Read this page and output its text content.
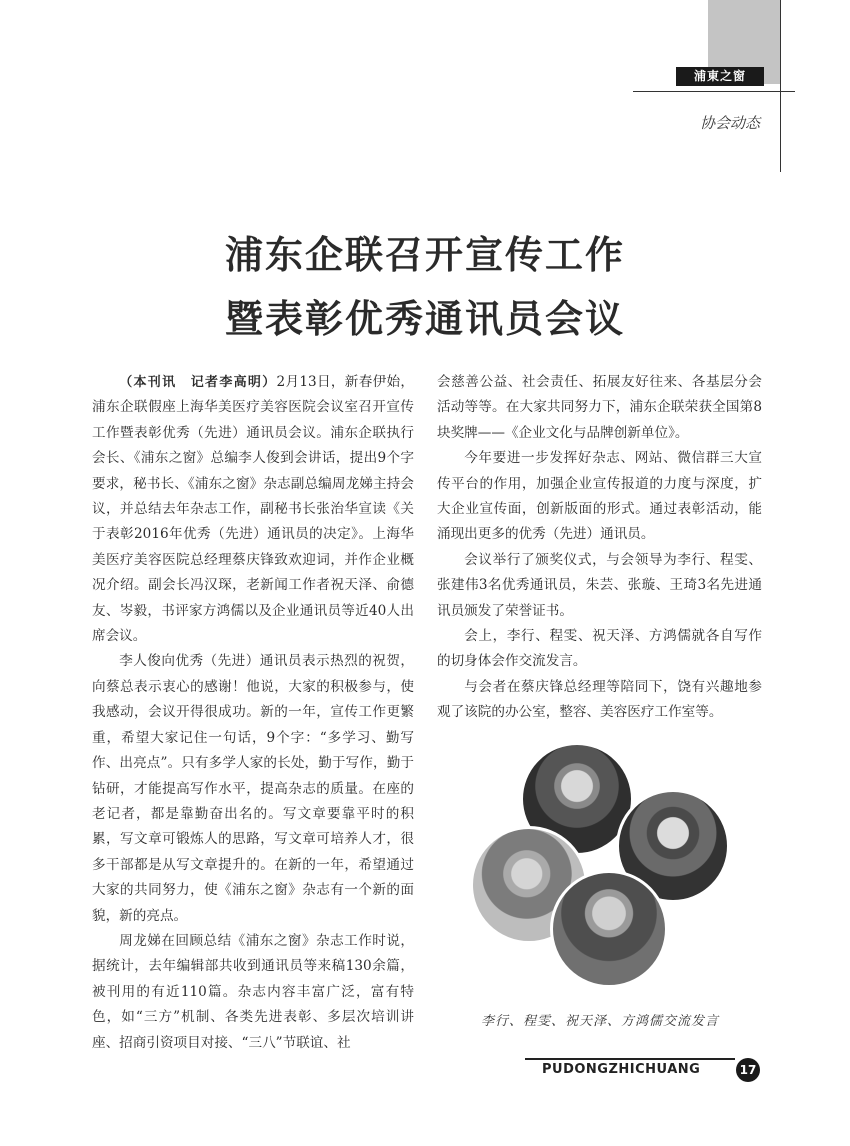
浦東之窗
协会动态
浦东企联召开宣传工作
暨表彰优秀通讯员会议

（本刊讯　记者李高明）2月13日，新春伊始，浦东企联假座上海华美医疗美容医院会议室召开宣传工作暨表彰优秀（先进）通讯员会议。浦东企联执行会长、《浦东之窗》总编李人俊到会讲话，提出9个字要求，秘书长、《浦东之窗》杂志副总编周龙娣主持会议，并总结去年杂志工作，副秘书长张治华宣读《关于表彰2016年优秀（先进）通讯员的决定》。上海华美医疗美容医院总经理蔡庆锋致欢迎词，并作企业概况介绍。副会长冯汉琛，老新闻工作者祝天泽、俞德友、岑毅，书评家方鸿儒以及企业通讯员等近40人出席会议。

李人俊向优秀（先进）通讯员表示热烈的祝贺，向蔡总表示衷心的感谢！他说，大家的积极参与，使我感动，会议开得很成功。新的一年，宣传工作更繁重，希望大家记住一句话，9个字：“多学习、勤写作、出亮点”。只有多学人家的长处，勤于写作，勤于钻研，才能提高写作水平，提高杂志的质量。在座的老记者，都是靠勤奋出名的。写文章要靠平时的积累，写文章可锻炼人的思路，写文章可培养人才，很多干部都是从写文章提升的。在新的一年，希望通过大家的共同努力，使《浦东之窗》杂志有一个新的面貌，新的亮点。

周龙娣在回顾总结《浦东之窗》杂志工作时说，据统计，去年编辑部共收到通讯员等来稿130余篇，被刊用的有近110篇。杂志内容丰富广泛，富有特色，如“三方”机制、各类先进表彰、多层次培训讲座、招商引资项目对接、“三八”节联谊、社

会慈善公益、社会责任、拓展友好往来、各基层分会活动等等。在大家共同努力下，浦东企联荣获全国第8块奖牌——《企业文化与品牌创新单位》。

今年要进一步发挥好杂志、网站、微信群三大宣传平台的作用，加强企业宣传报道的力度与深度，扩大企业宣传面，创新版面的形式。通过表彰活动，能涌现出更多的优秀（先进）通讯员。

会议举行了颁奖仪式，与会领导为李行、程雯、张建伟3名优秀通讯员，朱芸、张璇、王琦3名先进通讯员颁发了荣誉证书。

会上，李行、程雯、祝天泽、方鸿儒就各自写作的切身体会作交流发言。

与会者在蔡庆锋总经理等陪同下，饶有兴趣地参观了该院的办公室，整容、美容医疗工作室等。

李行、程雯、祝天泽、方鸿儒交流发言
PUDONGZHICHUANG	17
